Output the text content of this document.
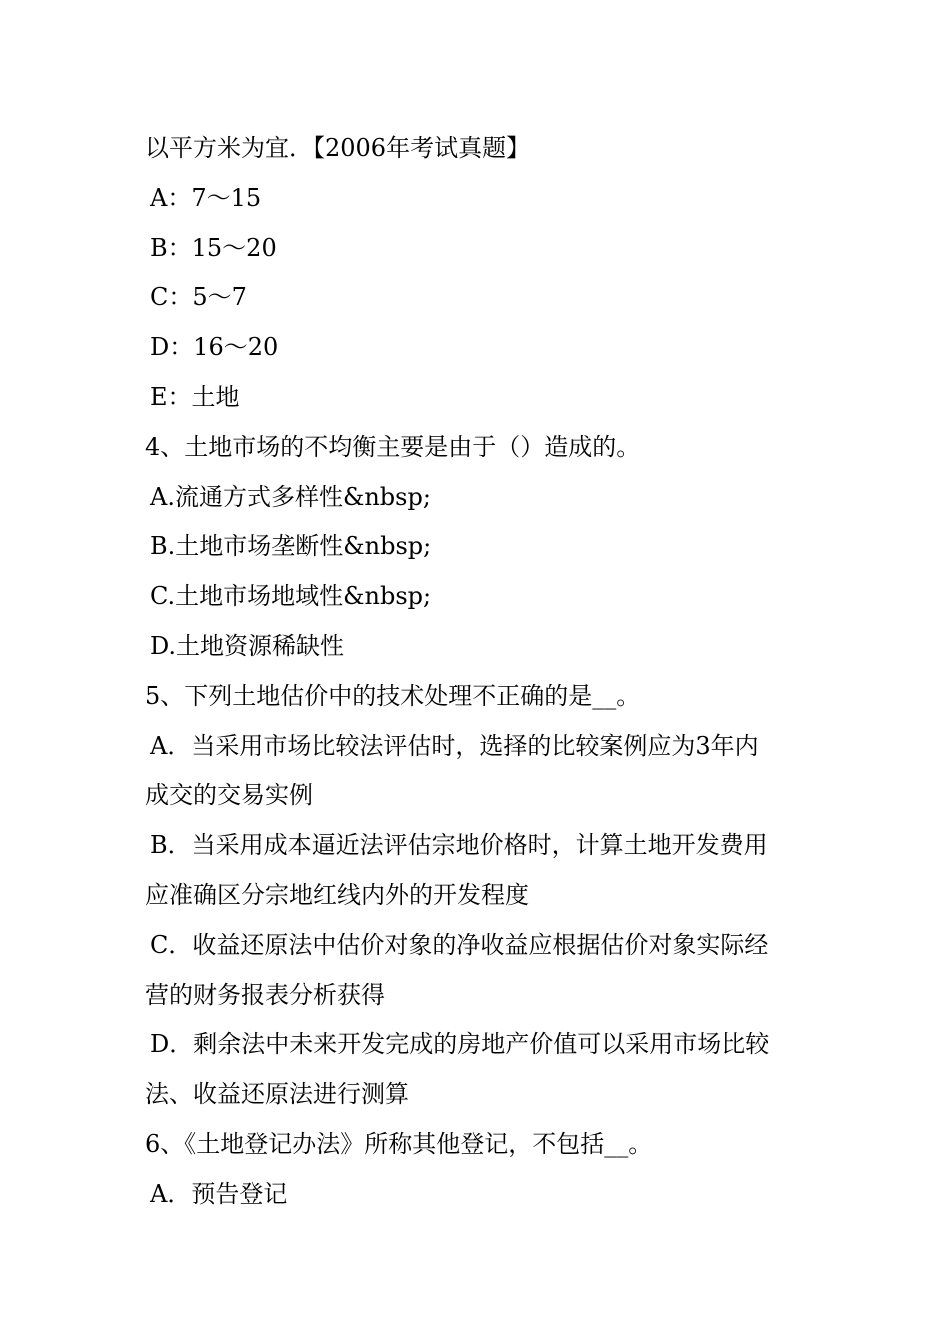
以平方米为宜．【2006年考试真题】
A：7～15
B：15～20
C：5～7
D：16～20
E：土地
4、土地市场的不均衡主要是由于（）造成的。
A.流通方式多样性&nbsp;
B.土地市场垄断性&nbsp;
C.土地市场地域性&nbsp;
D.土地资源稀缺性
5、下列土地估价中的技术处理不正确的是__。
A．当采用市场比较法评估时，选择的比较案例应为3年内
成交的交易实例
B．当采用成本逼近法评估宗地价格时，计算土地开发费用
应准确区分宗地红线内外的开发程度
C．收益还原法中估价对象的净收益应根据估价对象实际经
营的财务报表分析获得
D．剩余法中未来开发完成的房地产价值可以采用市场比较
法、收益还原法进行测算
6、《土地登记办法》所称其他登记，不包括__。
A．预告登记
